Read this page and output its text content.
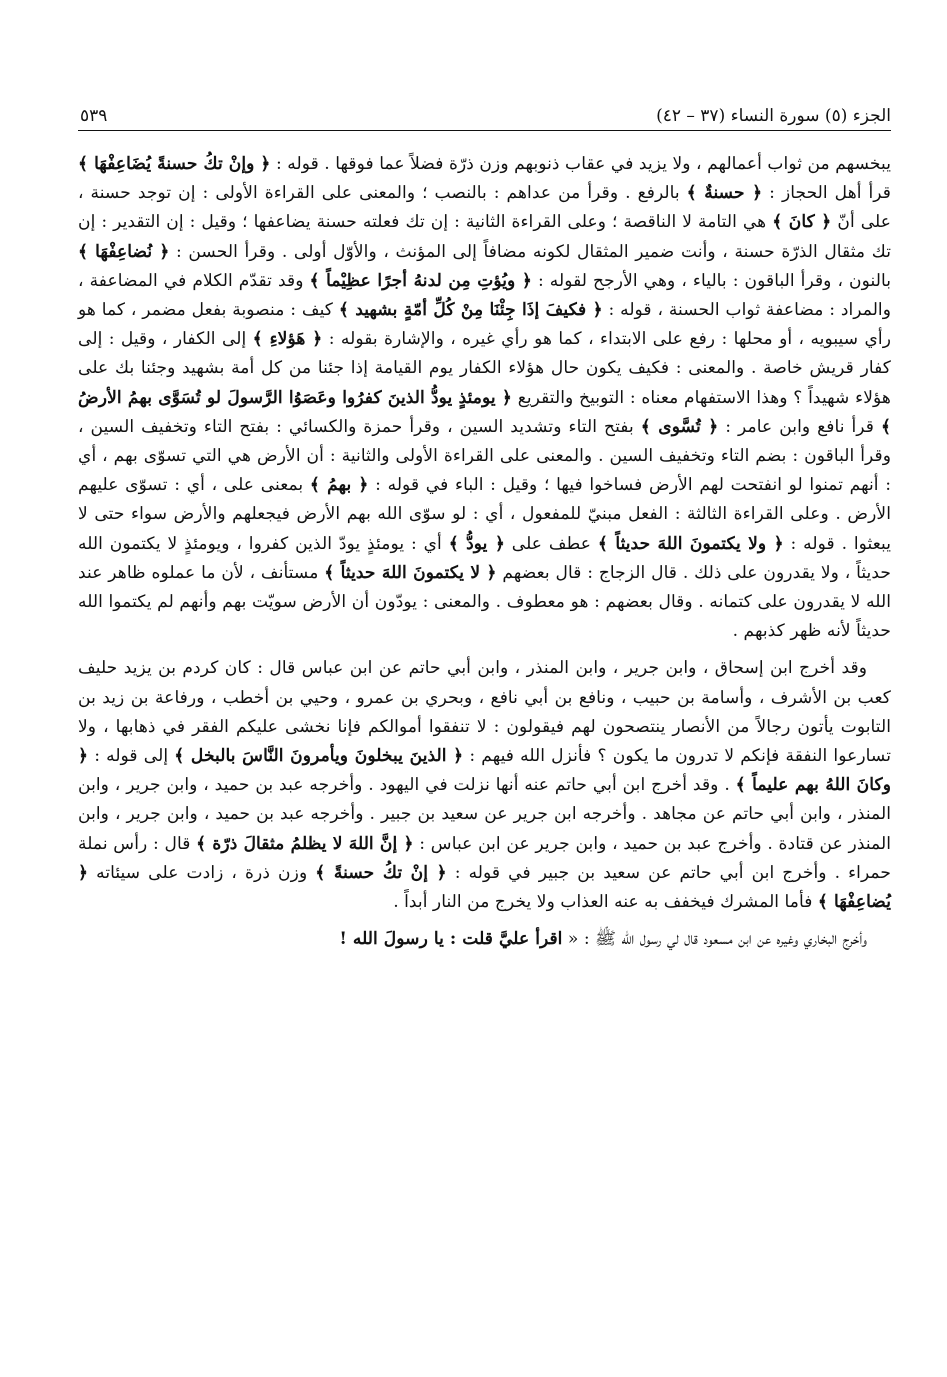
الجزء (٥) سورة النساء (٣٧ – ٤٢)
٥٣٩

يبخسهم من ثواب أعمالهم ، ولا يزيد في عقاب ذنوبهم وزن ذرّة فضلاً عما فوقها . قوله : ﴿ وإنْ تكُ حسنةً يُضَاعِفْهَا ﴾ قرأ أهل الحجاز : ﴿ حسنةٌ ﴾ بالرفع . وقرأ من عداهم : بالنصب ؛ والمعنى على القراءة الأولى : إن توجد حسنة ، على أنّ ﴿ كانَ ﴾ هي التامة لا الناقصة ؛ وعلى القراءة الثانية : إن تك فعلته حسنة يضاعفها ؛ وقيل : إن التقدير : إن تك مثقال الذرّة حسنة ، وأنت ضمير المثقال لكونه مضافاً إلى المؤنث ، والأوّل أولى . وقرأ الحسن : ﴿ نُضاعِفْهَا ﴾ بالنون ، وقرأ الباقون : بالياء ، وهي الأرجح لقوله : ﴿ ويُؤتِ مِن لدنهُ أجرًا عظِيْماً ﴾ وقد تقدّم الكلام في المضاعفة ، والمراد : مضاعفة ثواب الحسنة ، قوله : ﴿ فكيفَ إذَا جِئْنَا مِنْ كُلِّ أمّةٍ بشهيد ﴾ كيف : منصوبة بفعل مضمر ، كما هو رأي سيبويه ، أو محلها : رفع على الابتداء ، كما هو رأي غيره ، والإشارة بقوله : ﴿ هَؤلاءِ ﴾ إلى الكفار ، وقيل : إلى كفار قريش خاصة . والمعنى : فكيف يكون حال هؤلاء الكفار يوم القيامة إذا جئنا من كل أمة بشهيد وجئنا بك على هؤلاء شهيداً ؟ وهذا الاستفهام معناه : التوبيخ والتقريع ﴿ يومئذٍ يودُّ الذينَ كفرُوا وعَصَوُا الرَّسولَ لو تُسَوَّى بهمُ الأرضُ ﴾ قرأ نافع وابن عامر : ﴿ تُسَّوى ﴾ بفتح التاء وتشديد السين ، وقرأ حمزة والكسائي : بفتح التاء وتخفيف السين ، وقرأ الباقون : بضم التاء وتخفيف السين . والمعنى على القراءة الأولى والثانية : أن الأرض هي التي تسوّى بهم ، أي : أنهم تمنوا لو انفتحت لهم الأرض فساخوا فيها ؛ وقيل : الباء في قوله : ﴿ بهمُ ﴾ بمعنى على ، أي : تسوّى عليهم الأرض . وعلى القراءة الثالثة : الفعل مبنيّ للمفعول ، أي : لو سوّى الله بهم الأرض فيجعلهم والأرض سواء حتى لا يبعثوا . قوله : ﴿ ولا يكتمونَ اللهَ حديثاً ﴾ عطف على ﴿ يودُّ ﴾ أي : يومئذٍ يودّ الذين كفروا ، ويومئذٍ لا يكتمون الله حديثاً ، ولا يقدرون على ذلك . قال الزجاج : قال بعضهم ﴿ لا يكتمونَ اللهَ حديثاً ﴾ مستأنف ، لأن ما عملوه ظاهر عند الله لا يقدرون على كتمانه . وقال بعضهم : هو معطوف . والمعنى : يودّون أن الأرض سويّت بهم وأنهم لم يكتموا الله حديثاً لأنه ظهر كذبهم .

وقد أخرج ابن إسحاق ، وابن جرير ، وابن المنذر ، وابن أبي حاتم عن ابن عباس قال : كان كردم بن يزيد حليف كعب بن الأشرف ، وأسامة بن حبيب ، ونافع بن أبي نافع ، وبحري بن عمرو ، وحيي بن أخطب ، ورفاعة بن زيد بن التابوت يأتون رجالاً من الأنصار ينتصحون لهم فيقولون : لا تنفقوا أموالكم فإنا نخشى عليكم الفقر في ذهابها ، ولا تسارعوا النفقة فإنكم لا تدرون ما يكون ؟ فأنزل الله فيهم : ﴿ الذينَ يبخلونَ ويأمرونَ النَّاسَ بالبخل ﴾ إلى قوله : ﴿ وكانَ اللهُ بهم عليماً ﴾ . وقد أخرج ابن أبي حاتم عنه أنها نزلت في اليهود . وأخرجه عبد بن حميد ، وابن جرير ، وابن المنذر ، وابن أبي حاتم عن مجاهد . وأخرجه ابن جرير عن سعيد بن جبير . وأخرجه عبد بن حميد ، وابن جرير ، وابن المنذر عن قتادة . وأخرج عبد بن حميد ، وابن جرير عن ابن عباس : ﴿ إنَّ اللهَ لا يظلمُ مثقالَ ذرّة ﴾ قال : رأس نملة حمراء . وأخرج ابن أبي حاتم عن سعيد بن جبير في قوله : ﴿ إنْ تكُ حسنةً ﴾ وزن ذرة ، زادت على سيئاته ﴿ يُضاعِفْهَا ﴾ فأما المشرك فيخفف به عنه العذاب ولا يخرج من النار أبداً .

وأخرج البخاري وغيره عن ابن مسعود قال لي رسول الله ﷺ : « اقرأ عليَّ قلت : يا رسولَ الله !
